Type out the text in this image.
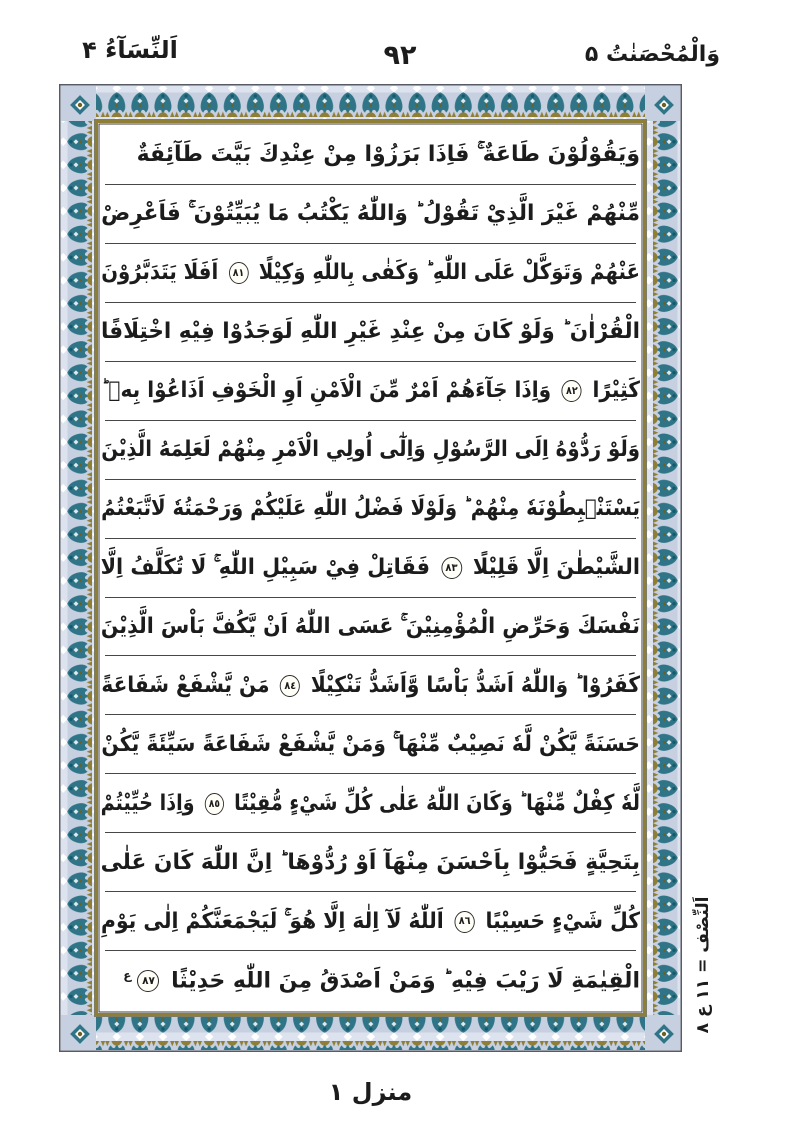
اَلنِّسَآءُ ۴	۹۲	وَالْمُحْصَنٰتُ ۵
وَيَقُوْلُوْنَ طَاعَةٌ ۚ فَاِذَا بَرَزُوْا مِنْ عِنْدِكَ بَيَّتَ طَآئِفَةٌ
مِّنْهُمْ غَيْرَ الَّذِيْ تَقُوْلُ ؕ وَاللّٰهُ يَكْتُبُ مَا يُبَيِّتُوْنَ ۚ فَاَعْرِضْ
عَنْهُمْ وَتَوَكَّلْ عَلَى اللّٰهِ ؕ وَكَفٰى بِاللّٰهِ وَكِيْلًا ٨١ اَفَلَا يَتَدَبَّرُوْنَ
الْقُرْاٰنَ ؕ وَلَوْ كَانَ مِنْ عِنْدِ غَيْرِ اللّٰهِ لَوَجَدُوْا فِيْهِ اخْتِلَافًا
كَثِيْرًا ٨٢ وَاِذَا جَآءَهُمْ اَمْرٌ مِّنَ الْاَمْنِ اَوِ الْخَوْفِ اَذَاعُوْا بِهٖ ؕ
وَلَوْ رَدُّوْهُ اِلَى الرَّسُوْلِ وَاِلٰٓى اُولِي الْاَمْرِ مِنْهُمْ لَعَلِمَهُ الَّذِيْنَ
يَسْتَنْۢبِطُوْنَهٗ مِنْهُمْ ؕ وَلَوْلَا فَضْلُ اللّٰهِ عَلَيْكُمْ وَرَحْمَتُهٗ لَاتَّبَعْتُمُ
الشَّيْطٰنَ اِلَّا قَلِيْلًا ٨٣ فَقَاتِلْ فِيْ سَبِيْلِ اللّٰهِ ۚ لَا تُكَلَّفُ اِلَّا
نَفْسَكَ وَحَرِّضِ الْمُؤْمِنِيْنَ ۚ عَسَى اللّٰهُ اَنْ يَّكُفَّ بَاْسَ الَّذِيْنَ
كَفَرُوْا ؕ وَاللّٰهُ اَشَدُّ بَاْسًا وَّاَشَدُّ تَنْكِيْلًا ٨٤ مَنْ يَّشْفَعْ شَفَاعَةً
حَسَنَةً يَّكُنْ لَّهٗ نَصِيْبٌ مِّنْهَا ۚ وَمَنْ يَّشْفَعْ شَفَاعَةً سَيِّئَةً يَّكُنْ
لَّهٗ كِفْلٌ مِّنْهَا ؕ وَكَانَ اللّٰهُ عَلٰى كُلِّ شَيْءٍ مُّقِيْتًا ٨٥ وَاِذَا حُيِّيْتُمْ
بِتَحِيَّةٍ فَحَيُّوْا بِاَحْسَنَ مِنْهَآ اَوْ رُدُّوْهَا ؕ اِنَّ اللّٰهَ كَانَ عَلٰى
كُلِّ شَيْءٍ حَسِيْبًا ٨٦ اَللّٰهُ لَآ اِلٰهَ اِلَّا هُوَ ۚ لَيَجْمَعَنَّكُمْ اِلٰى يَوْمِ
الْقِيٰمَةِ لَا رَيْبَ فِيْهِ ؕ وَمَنْ اَصْدَقُ مِنَ اللّٰهِ حَدِيْثًا $٨٧^ع$
اَلنِّصْف = ١١ ع ٨
منزل ۱
